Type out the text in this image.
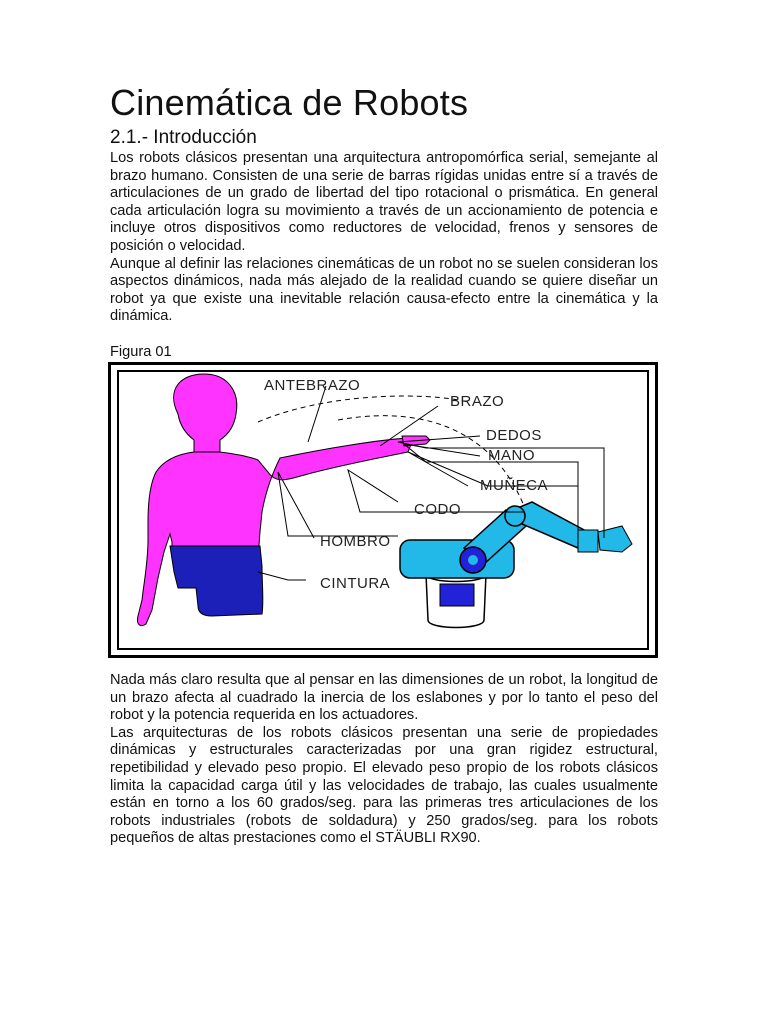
Cinemática de Robots
2.1.- Introducción

Los robots clásicos presentan una arquitectura antropomórfica serial, semejante al brazo humano. Consisten de una serie de barras rígidas unidas entre sí a través de articulaciones de un grado de libertad del tipo rotacional o prismática. En general cada articulación logra su movimiento a través de un accionamiento de potencia e incluye otros dispositivos como reductores de velocidad, frenos y sensores de posición o velocidad.

Aunque al definir las relaciones cinemáticas de un robot no se suelen consideran los aspectos dinámicos, nada más alejado de la realidad cuando se quiere diseñar un robot ya que existe una inevitable relación causa-efecto entre la cinemática y la dinámica.

Figura 01
ANTEBRAZO
BRAZO
DEDOS
MANO
MUÑECA
CODO
HOMBRO
CINTURA

Nada más claro resulta que al pensar en las dimensiones de un robot, la longitud de un brazo afecta al cuadrado la inercia de los eslabones y por lo tanto el peso del robot y la potencia requerida en los actuadores.

Las arquitecturas de los robots clásicos presentan una serie de propiedades dinámicas y estructurales caracterizadas por una gran rigidez estructural, repetibilidad y elevado peso propio. El elevado peso propio de los robots clásicos limita la capacidad carga útil y las velocidades de trabajo, las cuales usualmente están en torno a los 60 grados/seg. para las primeras tres articulaciones de los robots industriales (robots de soldadura) y 250 grados/seg. para los robots pequeños de altas prestaciones como el STÄUBLI RX90.
